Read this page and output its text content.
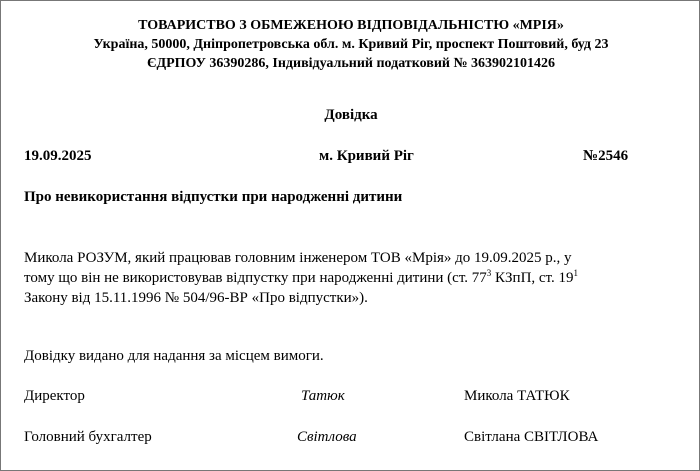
ТОВАРИСТВО З ОБМЕЖЕНОЮ ВІДПОВІДАЛЬНІСТЮ «МРІЯ»
Україна, 50000, Дніпропетровська обл. м. Кривий Ріг, проспект Поштовий, буд 23
ЄДРПОУ 36390286, Індивідуальний податковий № 363902101426
Довідка
19.09.2025	м. Кривий Ріг	№2546
Про невикористання відпустки при народженні дитини
Микола РОЗУМ, який працював головним інженером ТОВ «Мрія» до 19.09.2025 р., у
тому що він не використовував відпустку при народженні дитини (ст. $77^3$ КЗпП, ст. $19^1$
Закону від 15.11.1996 № 504/96-ВР «Про відпустки»).
Довідку видано для надання за місцем вимоги.
Директор	Татюк	Микола ТАТЮК
Головний бухгалтер	Світлова	Світлана СВІТЛОВА
